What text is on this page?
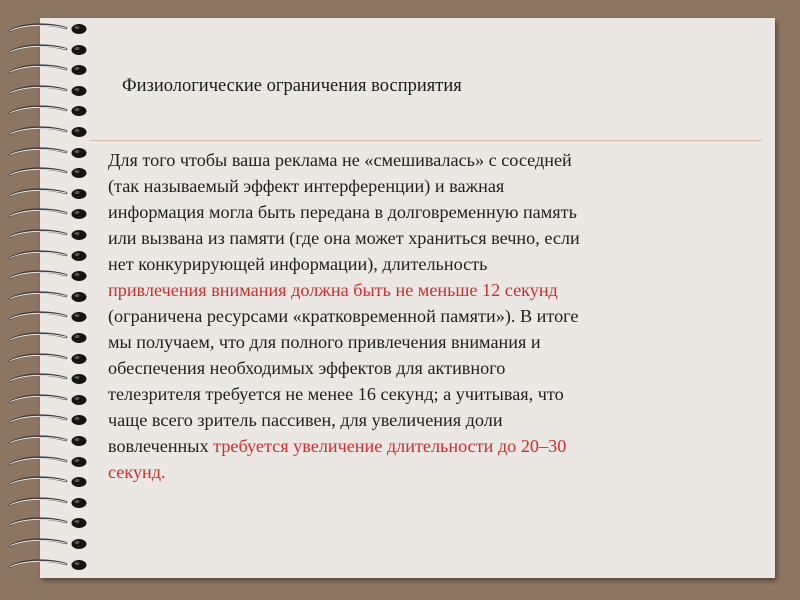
Физиологические ограничения восприятия
Для того чтобы ваша реклама не «смешивалась» с соседней
(так называемый эффект интерференции) и важная
информация могла быть передана в долговременную память
или вызвана из памяти (где она может храниться вечно, если
нет конкурирующей информации), длительность
привлечения внимания должна быть не меньше 12 секунд
(ограничена ресурсами «кратковременной памяти»). В итоге
мы получаем, что для полного привлечения внимания и
обеспечения необходимых эффектов для активного
телезрителя требуется не менее 16 секунд; а учитывая, что
чаще всего зритель пассивен, для увеличения доли
вовлеченных требуется увеличение длительности до 20–30
секунд.
